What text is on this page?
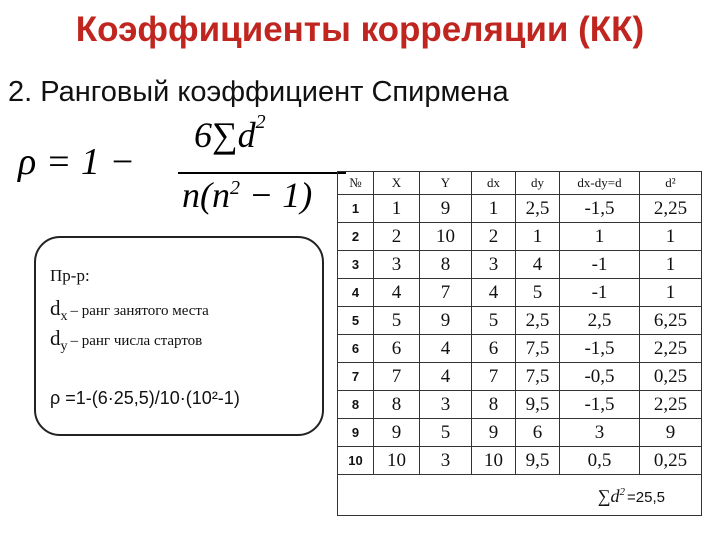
Коэффициенты корреляции (КК)
2. Ранговый коэффициент Спирмена
ρ = 1 −
$6\sum d^2$
$n(n^2 - 1)$
Пр-р:
dx – ранг занятого места
dy – ранг числа стартов
ρ =1-(6·25,5)/10·(10²-1)
№	X	Y	dx	dy	dx-dy=d	d²
1	1	9	1	2,5	-1,5	2,25
2	2	10	2	1	1	1
3	3	8	3	4	-1	1
4	4	7	4	5	-1	1
5	5	9	5	2,5	2,5	6,25
6	6	4	6	7,5	-1,5	2,25
7	7	4	7	7,5	-0,5	0,25
8	8	3	8	9,5	-1,5	2,25
9	9	5	9	6	3	9
10	10	3	10	9,5	0,5	0,25
$\sum d^2 =25,5$						
